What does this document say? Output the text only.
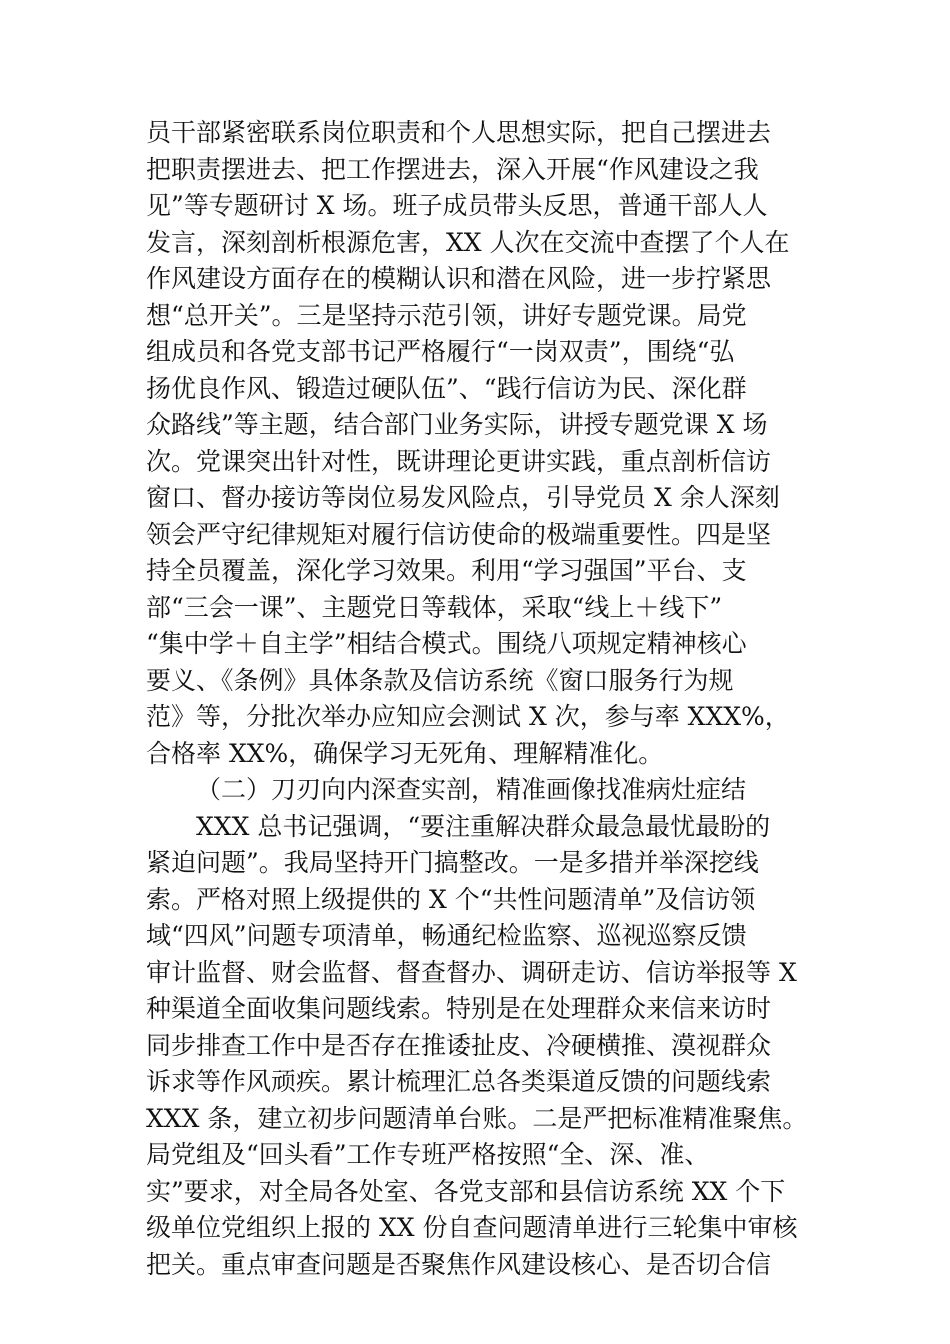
员干部紧密联系岗位职责和个人思想实际，把自己摆进去
把职责摆进去、把工作摆进去，深入开展“作风建设之我
见”等专题研讨 X 场。班子成员带头反思，普通干部人人
发言，深刻剖析根源危害，XX 人次在交流中查摆了个人在
作风建设方面存在的模糊认识和潜在风险，进一步拧紧思
想“总开关”。三是坚持示范引领，讲好专题党课。局党
组成员和各党支部书记严格履行“一岗双责”，围绕“弘
扬优良作风、锻造过硬队伍”、“践行信访为民、深化群
众路线”等主题，结合部门业务实际，讲授专题党课 X 场
次。党课突出针对性，既讲理论更讲实践，重点剖析信访
窗口、督办接访等岗位易发风险点，引导党员 X 余人深刻
领会严守纪律规矩对履行信访使命的极端重要性。四是坚
持全员覆盖，深化学习效果。利用“学习强国”平台、支
部“三会一课”、主题党日等载体，采取“线上＋线下”
“集中学＋自主学”相结合模式。围绕八项规定精神核心
要义、《条例》具体条款及信访系统《窗口服务行为规
范》等，分批次举办应知应会测试 X 次，参与率 XXX%，
合格率 XX%，确保学习无死角、理解精准化。
（二）刀刃向内深查实剖，精准画像找准病灶症结
XXX 总书记强调，“要注重解决群众最急最忧最盼的
紧迫问题”。我局坚持开门搞整改。一是多措并举深挖线
索。严格对照上级提供的 X 个“共性问题清单”及信访领
域“四风”问题专项清单，畅通纪检监察、巡视巡察反馈
审计监督、财会监督、督查督办、调研走访、信访举报等 X
种渠道全面收集问题线索。特别是在处理群众来信来访时
同步排查工作中是否存在推诿扯皮、冷硬横推、漠视群众
诉求等作风顽疾。累计梳理汇总各类渠道反馈的问题线索
XXX 条，建立初步问题清单台账。二是严把标准精准聚焦。
局党组及“回头看”工作专班严格按照“全、深、准、
实”要求，对全局各处室、各党支部和县信访系统 XX 个下
级单位党组织上报的 XX 份自查问题清单进行三轮集中审核
把关。重点审查问题是否聚焦作风建设核心、是否切合信
